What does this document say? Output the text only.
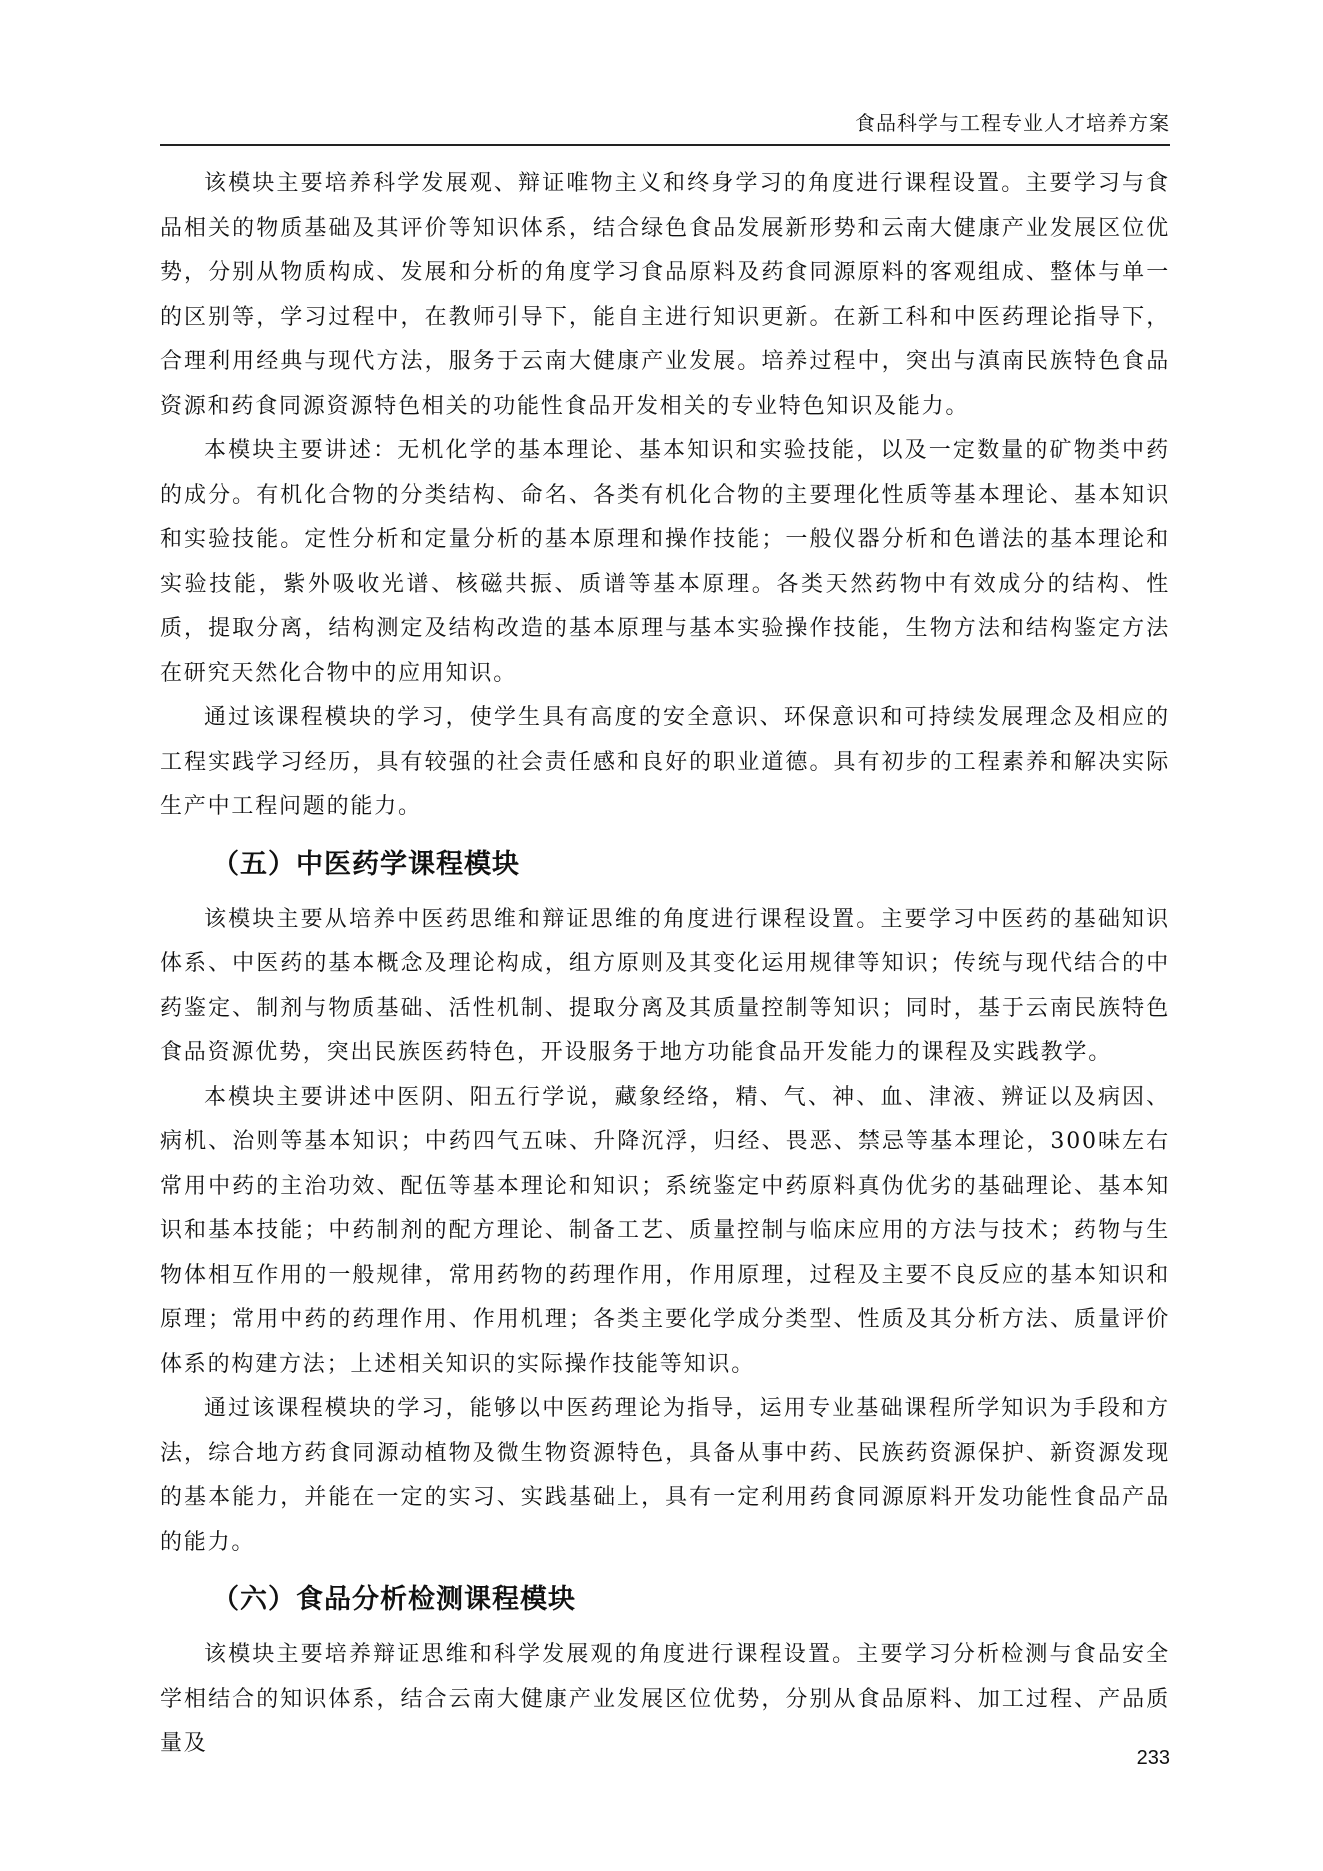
食品科学与工程专业人才培养方案

该模块主要培养科学发展观、辩证唯物主义和终身学习的角度进行课程设置。主要学习与食品相关的物质基础及其评价等知识体系，结合绿色食品发展新形势和云南大健康产业发展区位优势，分别从物质构成、发展和分析的角度学习食品原料及药食同源原料的客观组成、整体与单一的区别等，学习过程中，在教师引导下，能自主进行知识更新。在新工科和中医药理论指导下，合理利用经典与现代方法，服务于云南大健康产业发展。培养过程中，突出与滇南民族特色食品资源和药食同源资源特色相关的功能性食品开发相关的专业特色知识及能力。

本模块主要讲述：无机化学的基本理论、基本知识和实验技能，以及一定数量的矿物类中药的成分。有机化合物的分类结构、命名、各类有机化合物的主要理化性质等基本理论、基本知识和实验技能。定性分析和定量分析的基本原理和操作技能；一般仪器分析和色谱法的基本理论和实验技能，紫外吸收光谱、核磁共振、质谱等基本原理。各类天然药物中有效成分的结构、性质，提取分离，结构测定及结构改造的基本原理与基本实验操作技能，生物方法和结构鉴定方法在研究天然化合物中的应用知识。

通过该课程模块的学习，使学生具有高度的安全意识、环保意识和可持续发展理念及相应的工程实践学习经历，具有较强的社会责任感和良好的职业道德。具有初步的工程素养和解决实际生产中工程问题的能力。

（五）中医药学课程模块

该模块主要从培养中医药思维和辩证思维的角度进行课程设置。主要学习中医药的基础知识体系、中医药的基本概念及理论构成，组方原则及其变化运用规律等知识；传统与现代结合的中药鉴定、制剂与物质基础、活性机制、提取分离及其质量控制等知识；同时，基于云南民族特色食品资源优势，突出民族医药特色，开设服务于地方功能食品开发能力的课程及实践教学。

本模块主要讲述中医阴、阳五行学说，藏象经络，精、气、神、血、津液、辨证以及病因、病机、治则等基本知识；中药四气五味、升降沉浮，归经、畏恶、禁忌等基本理论，300味左右常用中药的主治功效、配伍等基本理论和知识；系统鉴定中药原料真伪优劣的基础理论、基本知识和基本技能；中药制剂的配方理论、制备工艺、质量控制与临床应用的方法与技术；药物与生物体相互作用的一般规律，常用药物的药理作用，作用原理，过程及主要不良反应的基本知识和原理；常用中药的药理作用、作用机理；各类主要化学成分类型、性质及其分析方法、质量评价体系的构建方法；上述相关知识的实际操作技能等知识。

通过该课程模块的学习，能够以中医药理论为指导，运用专业基础课程所学知识为手段和方法，综合地方药食同源动植物及微生物资源特色，具备从事中药、民族药资源保护、新资源发现的基本能力，并能在一定的实习、实践基础上，具有一定利用药食同源原料开发功能性食品产品的能力。

（六）食品分析检测课程模块

该模块主要培养辩证思维和科学发展观的角度进行课程设置。主要学习分析检测与食品安全学相结合的知识体系，结合云南大健康产业发展区位优势，分别从食品原料、加工过程、产品质量及

233
